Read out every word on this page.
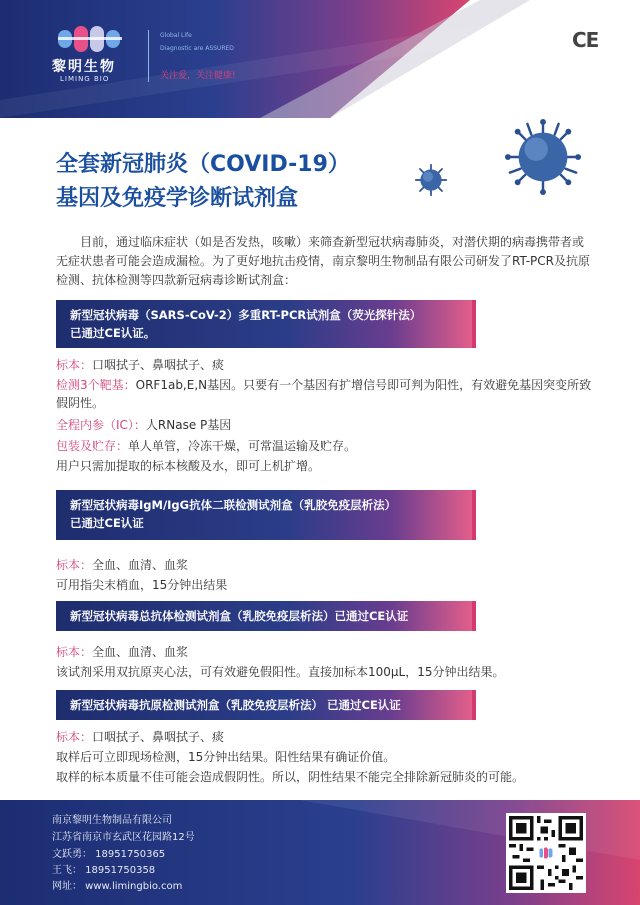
黎明生物
LIMING BIO
Global Life
Diagnostic are ASSURED
关注爱，关注健康!
CE
全套新冠肺炎（COVID-19）
基因及免疫学诊断试剂盒

目前，通过临床症状（如是否发热，咳嗽）来筛查新型冠状病毒肺炎，对潜伏期的病毒携带者或无症状患者可能会造成漏检。为了更好地抗击疫情，南京黎明生物制品有限公司研发了RT-PCR及抗原检测、抗体检测等四款新冠病毒诊断试剂盒：

新型冠状病毒（SARS-CoV-2）多重RT-PCR试剂盒（荧光探针法）
已通过CE认证。
标本：口咽拭子、鼻咽拭子、痰
检测3个靶基：ORF1ab,E,N基因。只要有一个基因有扩增信号即可判为阳性，有效避免基因突变所致假阴性。
全程内参（IC）：人RNase P基因
包装及贮存：单人单管，冷冻干燥，可常温运输及贮存。
用户只需加提取的标本核酸及水，即可上机扩增。
新型冠状病毒IgM/IgG抗体二联检测试剂盒（乳胶免疫层析法）
已通过CE认证
标本：全血、血清、血浆
可用指尖末梢血，15分钟出结果
新型冠状病毒总抗体检测试剂盒（乳胶免疫层析法）已通过CE认证
标本：全血、血清、血浆
该试剂采用双抗原夹心法，可有效避免假阳性。直接加标本100μL，15分钟出结果。
新型冠状病毒抗原检测试剂盒（乳胶免疫层析法） 已通过CE认证
标本：口咽拭子、鼻咽拭子、痰
取样后可立即现场检测，15分钟出结果。阳性结果有确证价值。
取样的标本质量不佳可能会造成假阴性。所以，阴性结果不能完全排除新冠肺炎的可能。
南京黎明生物制品有限公司
江苏省南京市玄武区花园路12号
文跃勇： 18951750365
王飞： 18951750358
网址： www.limingbio.com
